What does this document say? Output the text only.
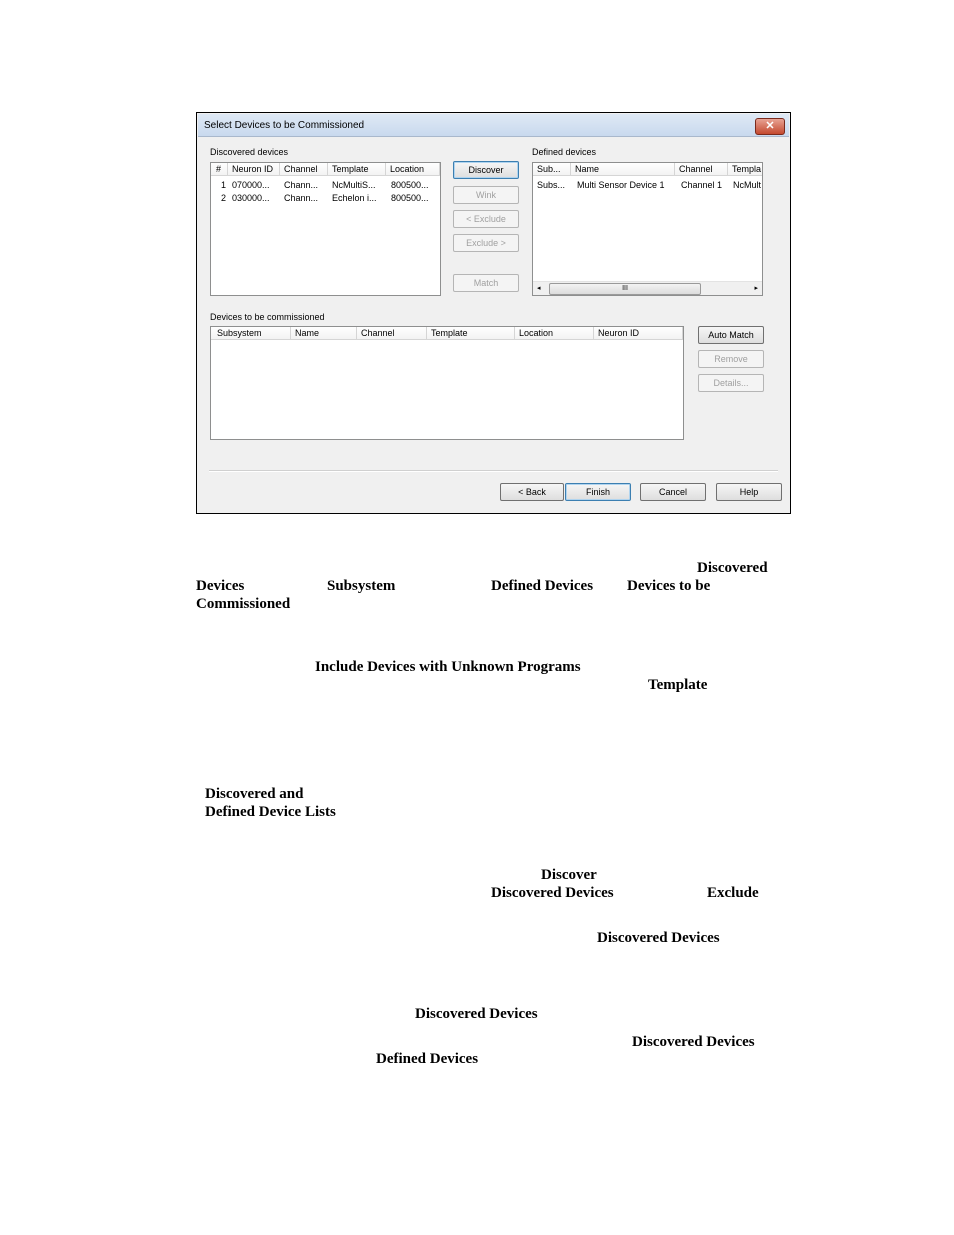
Select Devices to be Commissioned	✕
Discovered devices
#	Neuron ID	Channel	Template	Location
1 070000...	Chann...	NcMultiS...	800500...
2 030000...	Chann...	Echelon i...	800500...
Discover
Wink
< Exclude
Exclude >
Match
Defined devices
Sub...	Name	Channel	Templa
Subs...	Multi Sensor Device 1	Channel 1	NcMult
◂	III	▸
Devices to be commissioned
Subsystem	Name	Channel	Template	Location	Neuron ID	Auto Match
Remove
Details...
< Back	Finish	Cancel	Help
Discovered
Devices	Subsystem	Defined Devices Devices to be
Commissioned
Include Devices with Unknown Programs
Template
Discovered and
Defined Device Lists
Discover
Discovered Devices	Exclude
Discovered Devices
Discovered Devices
Discovered Devices
Defined Devices
